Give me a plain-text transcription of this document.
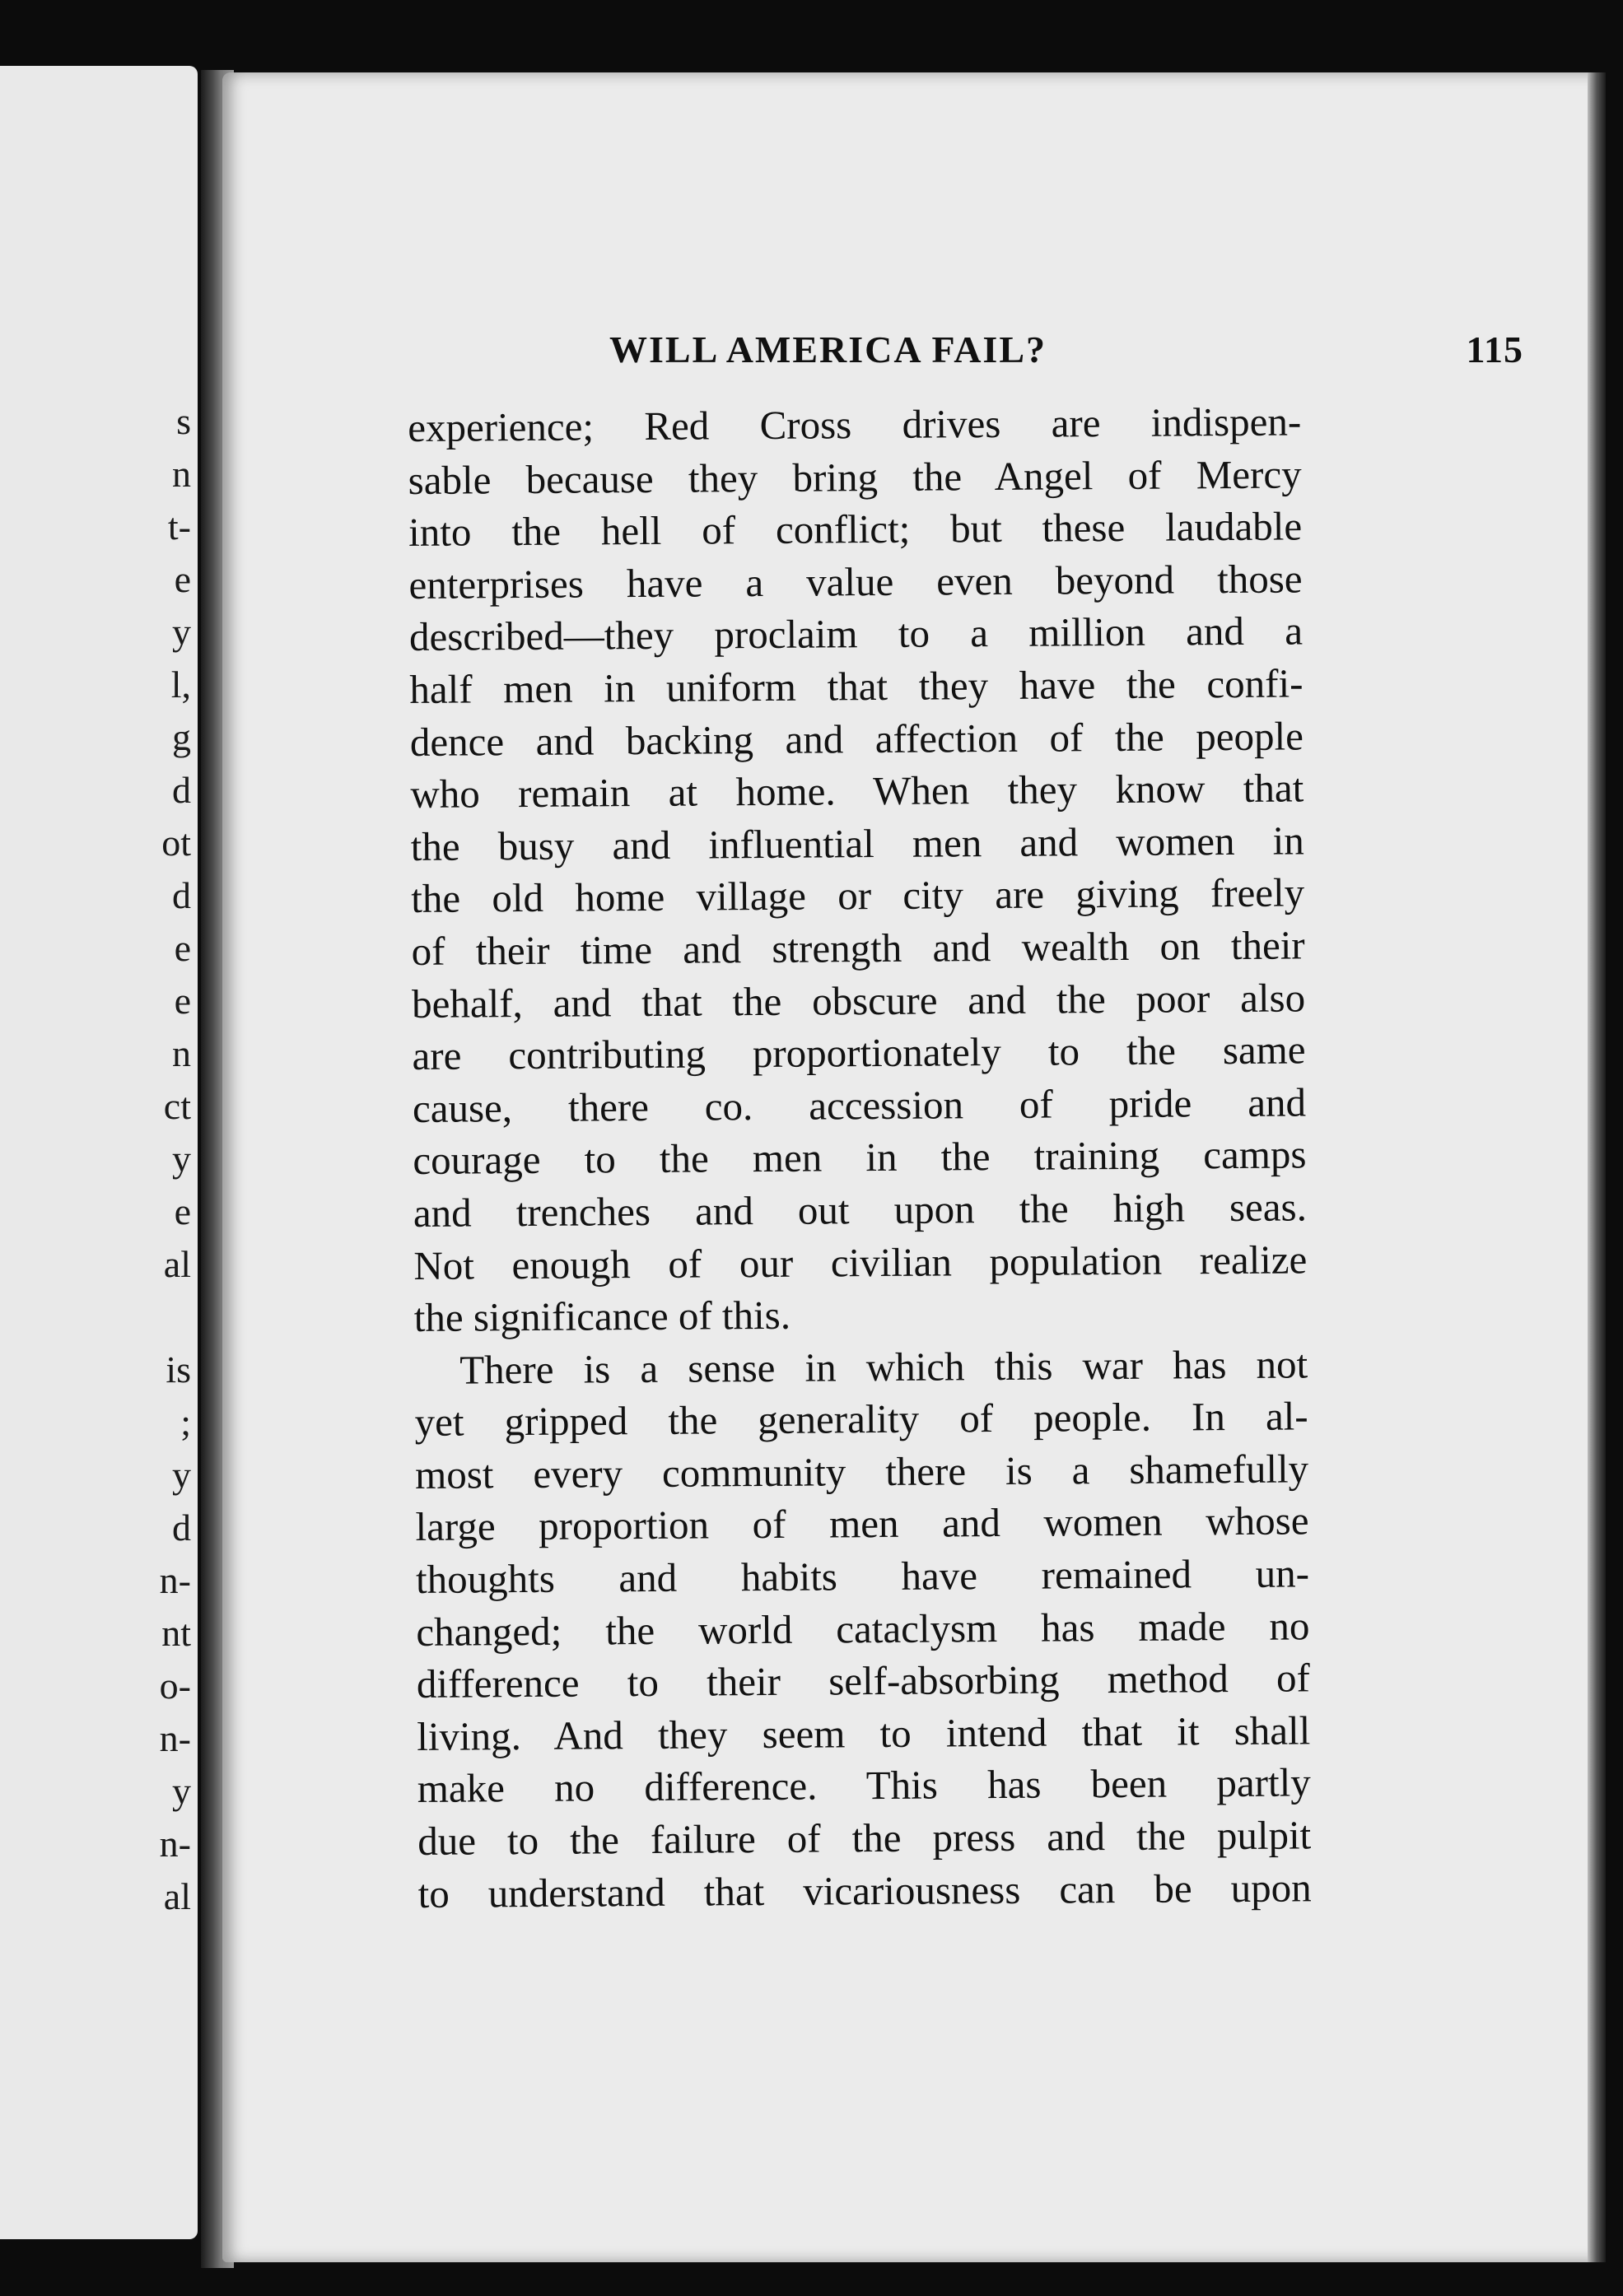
s
n
t-
e
y
l,
g
d
ot
d
e
e
n
ct
y
e
al
is
;
y
d
n-
nt
o-
n-
y
n-
al
WILL AMERICA FAIL?	115
experience; Red Cross drives are indispen-
sable because they bring the Angel of Mercy
into the hell of conflict; but these laudable
enterprises have a value even beyond those
described—they proclaim to a million and a
half men in uniform that they have the confi-
dence and backing and affection of the people
who remain at home. When they know that
the busy and influential men and women in
the old home village or city are giving freely
of their time and strength and wealth on their
behalf, and that the obscure and the poor also
are contributing proportionately to the same
cause, there co. accession of pride and
courage to the men in the training camps
and trenches and out upon the high seas.
Not enough of our civilian population realize
the significance of this.
There is a sense in which this war has not
yet gripped the generality of people. In al-
most every community there is a shamefully
large proportion of men and women whose
thoughts and habits have remained un-
changed; the world cataclysm has made no
difference to their self-absorbing method of
living. And they seem to intend that it shall
make no difference. This has been partly
due to the failure of the press and the pulpit
to understand that vicariousness can be upon
